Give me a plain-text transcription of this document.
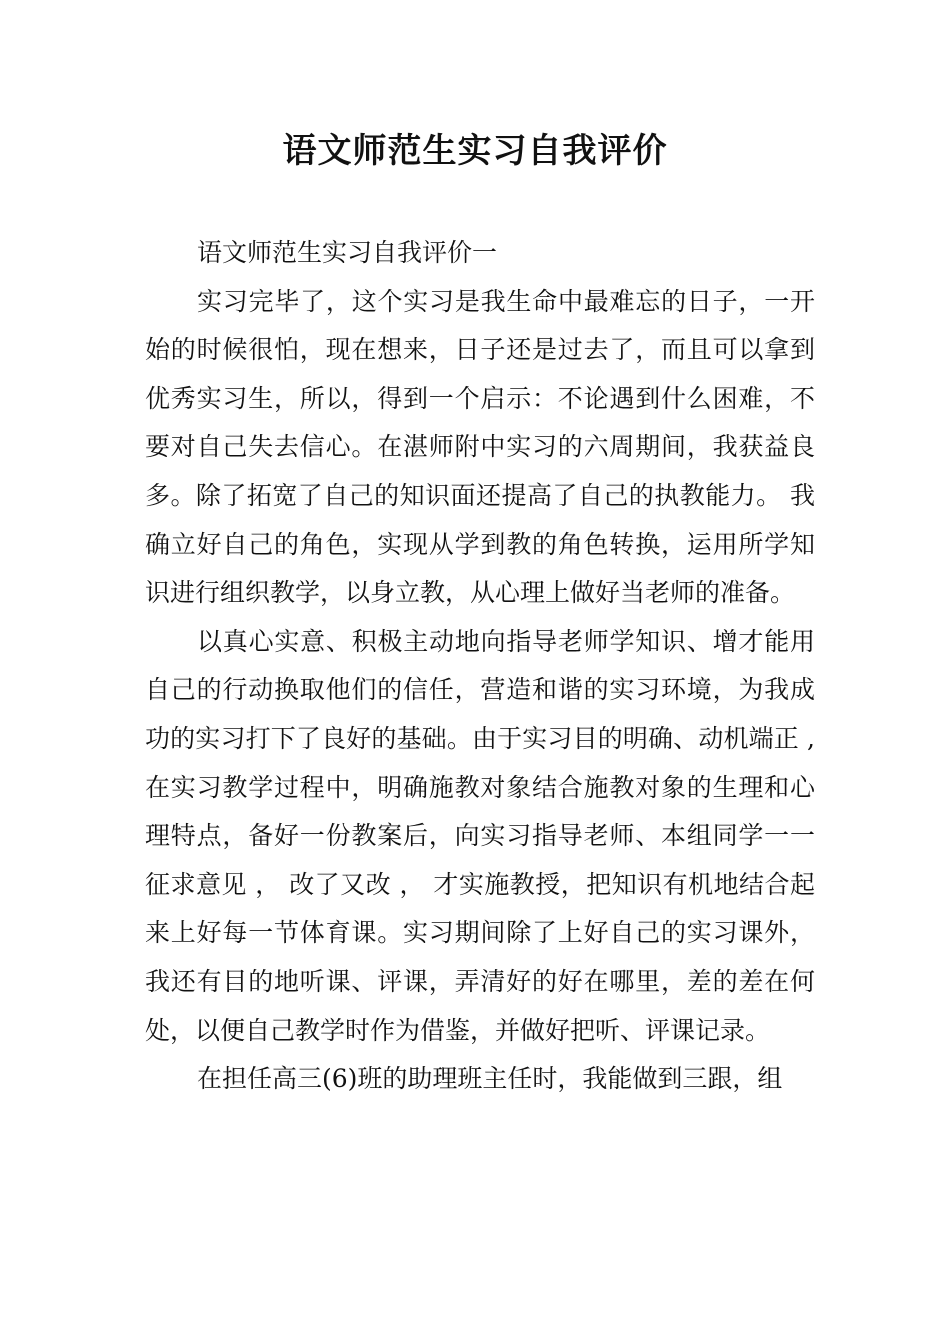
语文师范生实习自我评价

语文师范生实习自我评价一

实习完毕了，这个实习是我生命中最难忘的日子，一开始的时候很怕，现在想来，日子还是过去了，而且可以拿到优秀实习生，所以，得到一个启示：不论遇到什么困难，不要对自己失去信心。在湛师附中实习的六周期间，我获益良多。除了拓宽了自己的知识面还提高了自己的执教能力。 我确立好自己的角色，实现从学到教的角色转换，运用所学知识进行组织教学，以身立教，从心理上做好当老师的准备。

以真心实意、积极主动地向指导老师学知识、增才能用自己的行动换取他们的信任，营造和谐的实习环境，为我成功的实习打下了良好的基础。由于实习目的明确、动机端正 ,在实习教学过程中，明确施教对象结合施教对象的生理和心理特点，备好一份教案后，向实习指导老师、本组同学一一征求意见 ， 改了又改 ， 才实施教授，把知识有机地结合起来上好每一节体育课。实习期间除了上好自己的实习课外，我还有目的地听课、评课，弄清好的好在哪里，差的差在何处，以便自己教学时作为借鉴，并做好把听、评课记录。

在担任高三(6)班的助理班主任时，我能做到三跟，组
